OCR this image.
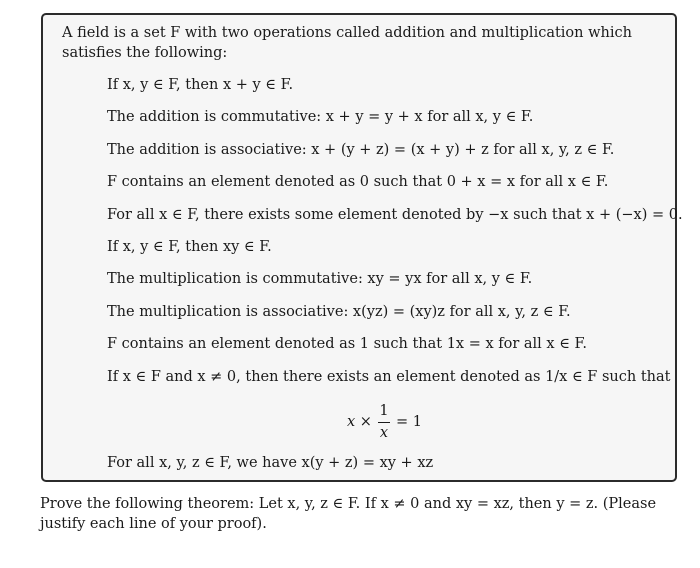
A field is a set F with two operations called addition and multiplication which satisfies the following:

If x, y ∈ F, then x + y ∈ F.
The addition is commutative: x + y = y + x for all x, y ∈ F.
The addition is associative: x + (y + z) = (x + y) + z for all x, y, z ∈ F.
F contains an element denoted as 0 such that 0 + x = x for all x ∈ F.
For all x ∈ F, there exists some element denoted by −x such that x + (−x) = 0.
If x, y ∈ F, then xy ∈ F.
The multiplication is commutative: xy = yx for all x, y ∈ F.
The multiplication is associative: x(yz) = (xy)z for all x, y, z ∈ F.
F contains an element denoted as 1 such that 1x = x for all x ∈ F.
If x ∈ F and x ≠ 0, then there exists an element denoted as 1/x ∈ F such that
$x \times \frac{1}{x} = 1$
For all x, y, z ∈ F, we have x(y + z) = xy + xz

Prove the following theorem: Let x, y, z ∈ F. If x ≠ 0 and xy = xz, then y = z. (Please justify each line of your proof).
